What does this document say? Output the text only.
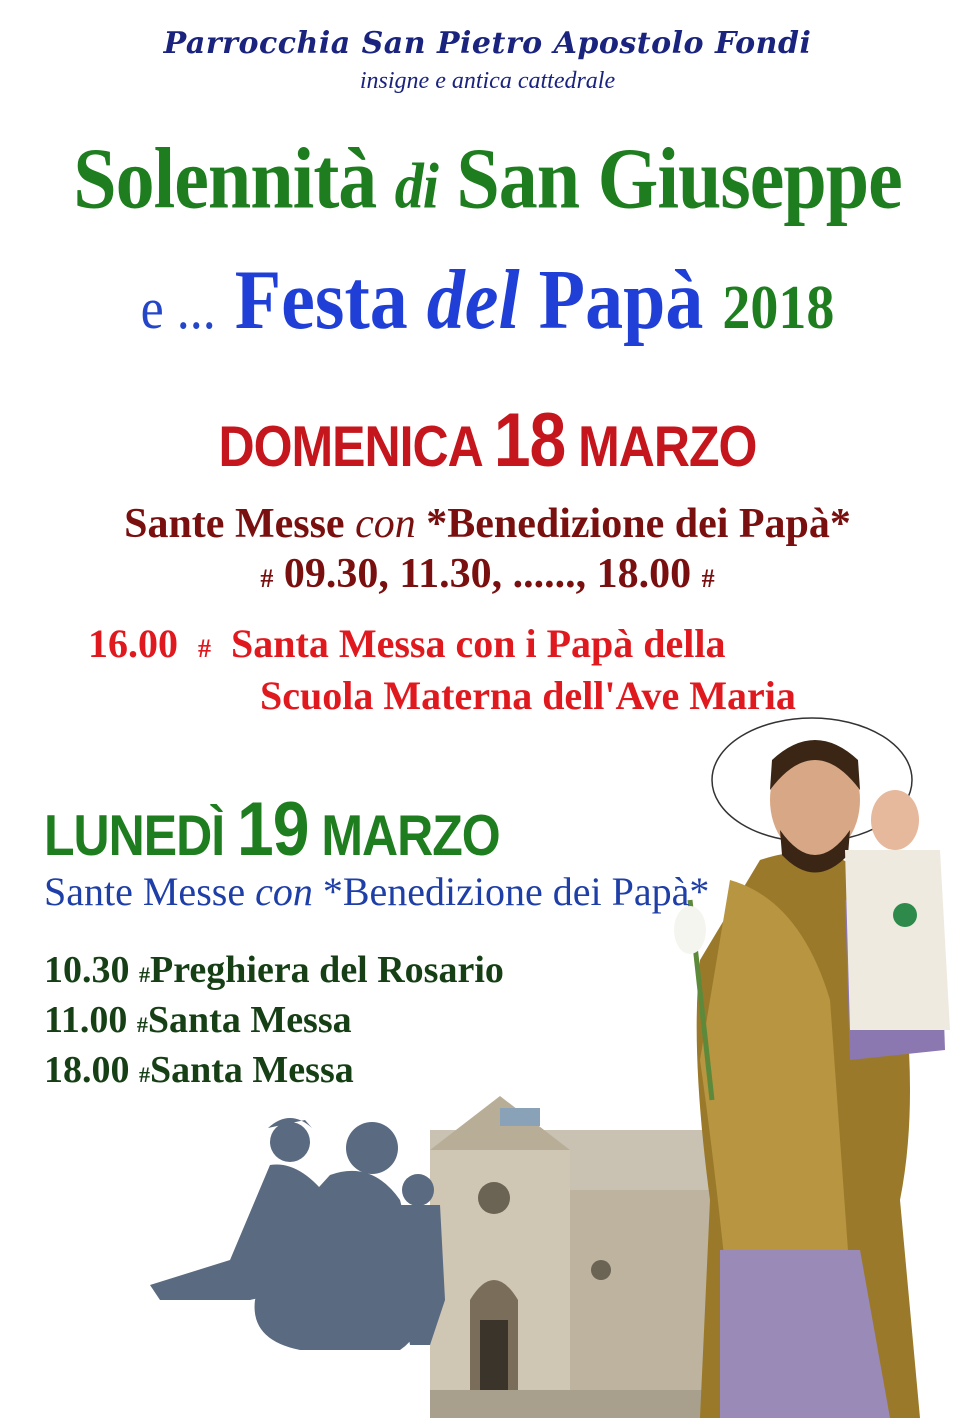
Parrocchia San Pietro Apostolo Fondi
insigne e antica cattedrale
Solennità di San Giuseppe
e ... Festa del Papà 2018
DOMENICA 18 MARZO
Sante Messe con *Benedizione dei Papà*
# 09.30, 11.30, ......, 18.00 #
16.00 # Santa Messa con i Papà della
Scuola Materna dell'Ave Maria
LUNEDÌ 19 MARZO
Sante Messe con *Benedizione dei Papà*
10.30 #Preghiera del Rosario
11.00 #Santa Messa
18.00 #Santa Messa
